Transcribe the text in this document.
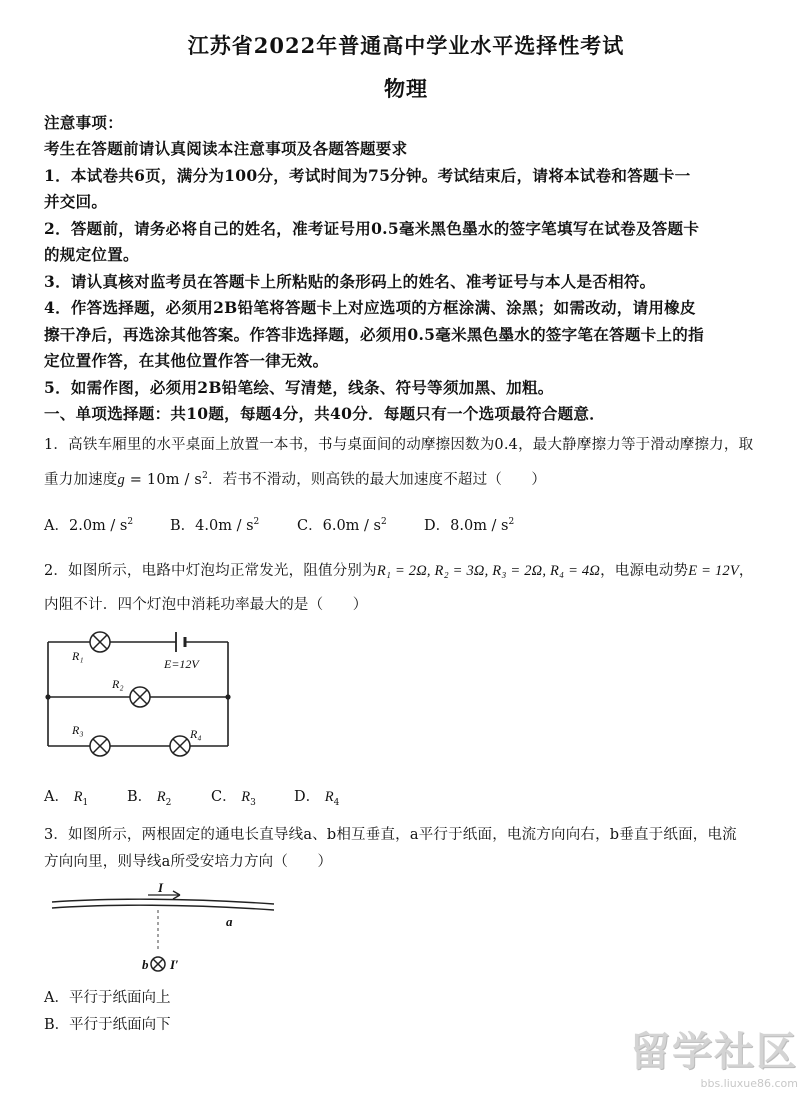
江苏省2022年普通高中学业水平选择性考试
物理
注意事项：
考生在答题前请认真阅读本注意事项及各题答题要求
1．本试卷共6页，满分为100分，考试时间为75分钟。考试结束后，请将本试卷和答题卡一
并交回。
2．答题前，请务必将自己的姓名，准考证号用0.5毫米黑色墨水的签字笔填写在试卷及答题卡
的规定位置。
3．请认真核对监考员在答题卡上所粘贴的条形码上的姓名、准考证号与本人是否相符。
4．作答选择题，必须用2B铅笔将答题卡上对应选项的方框涂满、涂黑；如需改动，请用橡皮
擦干净后，再选涂其他答案。作答非选择题，必须用0.5毫米黑色墨水的签字笔在答题卡上的指
定位置作答，在其他位置作答一律无效。
5．如需作图，必须用2B铅笔绘、写清楚，线条、符号等须加黑、加粗。
一、单项选择题：共10题，每题4分，共40分．每题只有一个选项最符合题意．
1．高铁车厢里的水平桌面上放置一本书，书与桌面间的动摩擦因数为0.4，最大静摩擦力等于滑动摩擦力，取
重力加速度$g = 10m / s^2$．若书不滑动，则高铁的最大加速度不超过（　　）
A．$2.0m / s^2$	B．$4.0m / s^2$	C．$6.0m / s^2$	D．$8.0m / s^2$
2．如图所示，电路中灯泡均正常发光，阻值分别为R₁ = 2Ω, R₂ = 3Ω, R₃ = 2Ω, R₄ = 4Ω，电源电动势E = 12V，
内阻不计．四个灯泡中消耗功率最大的是（　　）
R₁
R₂
R₃	R₄
E=12V
A． $R_1$	B． $R_2$	C． $R_3$	D． $R_4$
3．如图所示，两根固定的通电长直导线a、b相互垂直，a平行于纸面，电流方向向右，b垂直于纸面，电流
方向向里，则导线a所受安培力方向（　　）
I
a
b I′
A．平行于纸面向上
B．平行于纸面向下
留学社区
bbs.liuxue86.com
